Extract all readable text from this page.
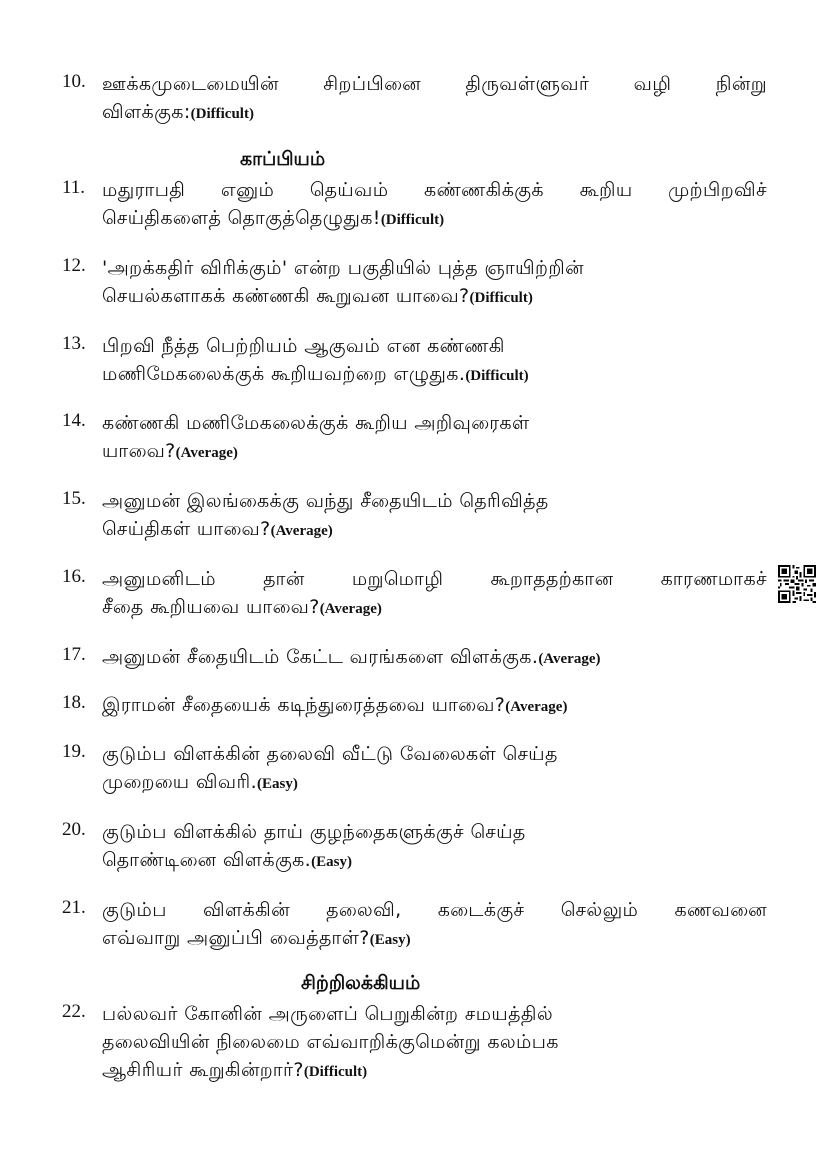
10. ஊக்கமுடைமையின் சிறப்பினை திருவள்ளுவர் வழி நின்று
விளக்குக:(Difficult)
காப்பியம்
11. மதுராபதி எனும் தெய்வம் கண்ணகிக்குக் கூறிய முற்பிறவிச்
செய்திகளைத் தொகுத்தெழுதுக!(Difficult)
12. 'அறக்கதிர் விரிக்கும்' என்ற பகுதியில் புத்த ஞாயிற்றின்
செயல்களாகக் கண்ணகி கூறுவன யாவை?(Difficult)
13. பிறவி நீத்த பெற்றியம் ஆகுவம் என கண்ணகி
மணிமேகலைக்குக் கூறியவற்றை எழுதுக.(Difficult)
14. கண்ணகி மணிமேகலைக்குக் கூறிய அறிவுரைகள்
யாவை?(Average)
15. அனுமன் இலங்கைக்கு வந்து சீதையிடம் தெரிவித்த
செய்திகள் யாவை?(Average)
16. அனுமனிடம் தான் மறுமொழி கூறாததற்கான காரணமாகச்
சீதை கூறியவை யாவை?(Average)
17. அனுமன் சீதையிடம் கேட்ட வரங்களை விளக்குக.(Average)
18. இராமன் சீதையைக் கடிந்துரைத்தவை யாவை?(Average)
19. குடும்ப விளக்கின் தலைவி வீட்டு வேலைகள் செய்த
முறையை விவரி.(Easy)
20. குடும்ப விளக்கில் தாய் குழந்தைகளுக்குச் செய்த
தொண்டினை விளக்குக.(Easy)
21. குடும்ப விளக்கின் தலைவி, கடைக்குச் செல்லும் கணவனை
எவ்வாறு அனுப்பி வைத்தாள்?(Easy)
சிற்றிலக்கியம்
22. பல்லவர் கோனின் அருளைப் பெறுகின்ற சமயத்தில்
தலைவியின் நிலைமை எவ்வாறிக்குமென்று கலம்பக
ஆசிரியர் கூறுகின்றார்?(Difficult)
